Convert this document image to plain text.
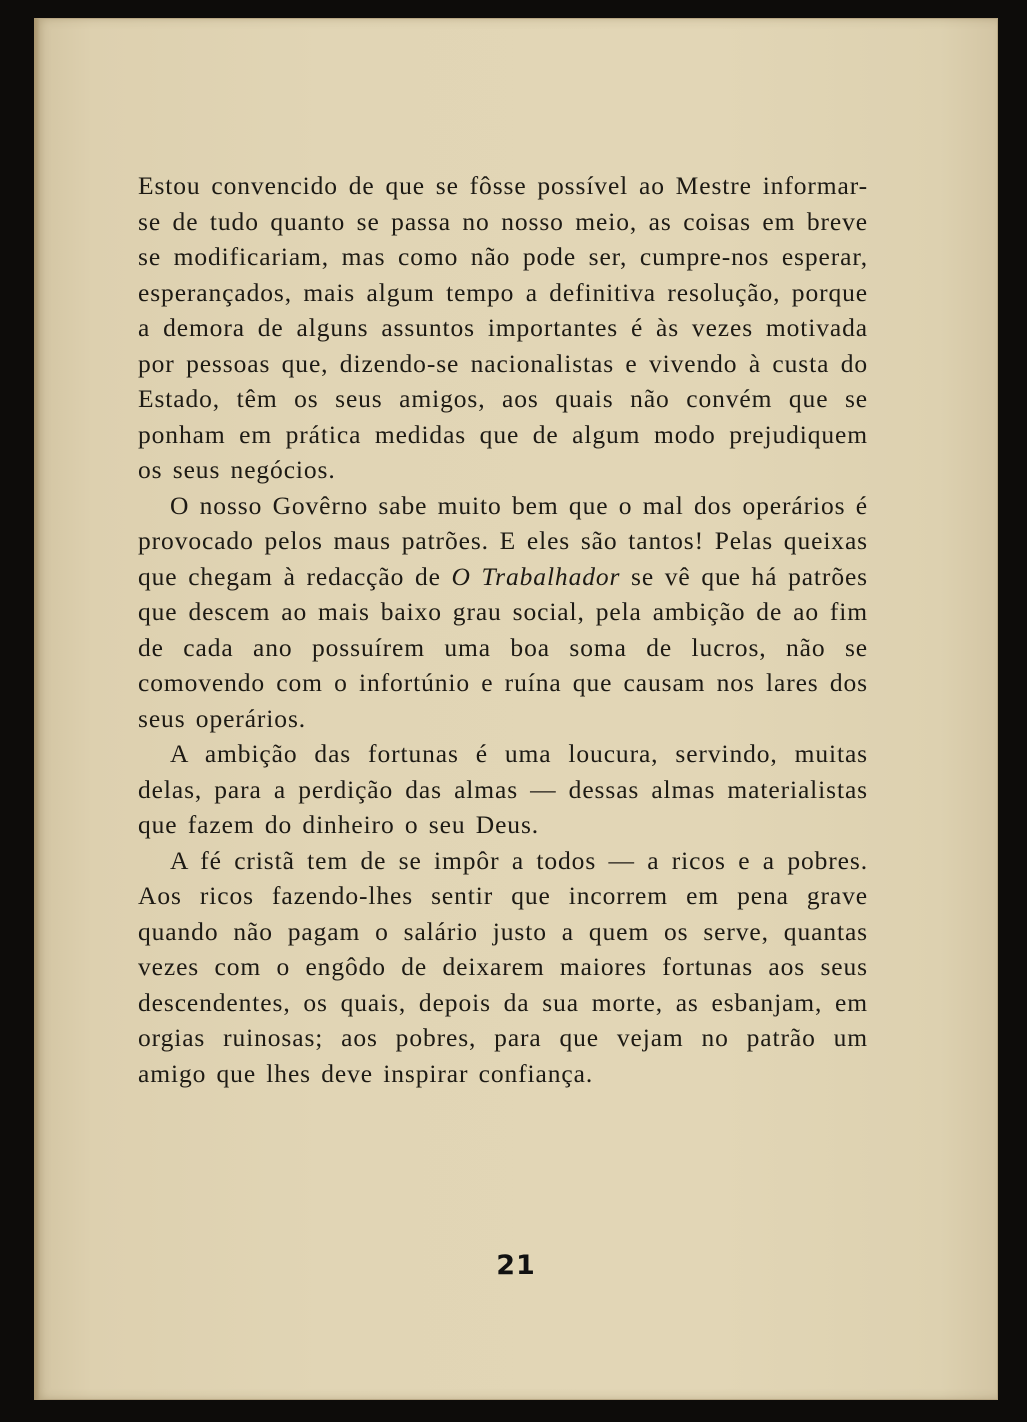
Estou convencido de que se fôsse possível ao Mestre informar-se de tudo quanto se passa no nosso meio, as coisas em breve se modificariam, mas como não pode ser, cumpre-nos esperar, esperançados, mais algum tempo a definitiva resolução, porque a demora de alguns assuntos importantes é às vezes motivada por pessoas que, dizendo-se nacionalistas e vivendo à custa do Estado, têm os seus amigos, aos quais não convém que se ponham em prática medidas que de algum modo prejudiquem os seus negócios.

O nosso Govêrno sabe muito bem que o mal dos operários é provocado pelos maus patrões. E eles são tantos! Pelas queixas que chegam à redacção de O Trabalhador se vê que há patrões que descem ao mais baixo grau social, pela ambição de ao fim de cada ano possuírem uma boa soma de lucros, não se comovendo com o infortúnio e ruína que causam nos lares dos seus operários.

A ambição das fortunas é uma loucura, servindo, muitas delas, para a perdição das almas — dessas almas materialistas que fazem do dinheiro o seu Deus.

A fé cristã tem de se impôr a todos — a ricos e a pobres. Aos ricos fazendo-lhes sentir que incorrem em pena grave quando não pagam o salário justo a quem os serve, quantas vezes com o engôdo de deixarem maiores fortunas aos seus descendentes, os quais, depois da sua morte, as esbanjam, em orgias ruinosas; aos pobres, para que vejam no patrão um amigo que lhes deve inspirar confiança.

21
